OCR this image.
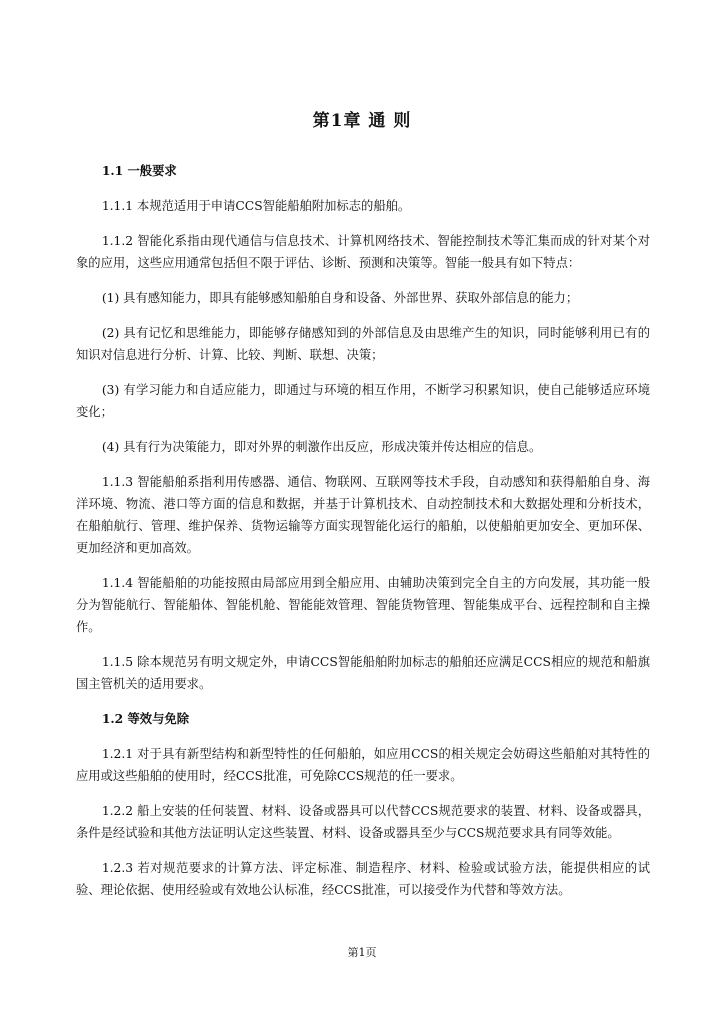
第1章 通 则

1.1 一般要求

1.1.1 本规范适用于申请CCS智能船舶附加标志的船舶。

1.1.2 智能化系指由现代通信与信息技术、计算机网络技术、智能控制技术等汇集而成的针对某个对象的应用，这些应用通常包括但不限于评估、诊断、预测和决策等。智能一般具有如下特点：

(1) 具有感知能力，即具有能够感知船舶自身和设备、外部世界、获取外部信息的能力；

(2) 具有记忆和思维能力，即能够存储感知到的外部信息及由思维产生的知识，同时能够利用已有的知识对信息进行分析、计算、比较、判断、联想、决策；

(3) 有学习能力和自适应能力，即通过与环境的相互作用，不断学习积累知识，使自己能够适应环境变化；

(4) 具有行为决策能力，即对外界的刺激作出反应，形成决策并传达相应的信息。

1.1.3 智能船舶系指利用传感器、通信、物联网、互联网等技术手段，自动感知和获得船舶自身、海洋环境、物流、港口等方面的信息和数据，并基于计算机技术、自动控制技术和大数据处理和分析技术，在船舶航行、管理、维护保养、货物运输等方面实现智能化运行的船舶，以使船舶更加安全、更加环保、更加经济和更加高效。

1.1.4 智能船舶的功能按照由局部应用到全船应用、由辅助决策到完全自主的方向发展，其功能一般分为智能航行、智能船体、智能机舱、智能能效管理、智能货物管理、智能集成平台、远程控制和自主操作。

1.1.5 除本规范另有明文规定外，申请CCS智能船舶附加标志的船舶还应满足CCS相应的规范和船旗国主管机关的适用要求。

1.2 等效与免除

1.2.1 对于具有新型结构和新型特性的任何船舶，如应用CCS的相关规定会妨碍这些船舶对其特性的应用或这些船舶的使用时，经CCS批准，可免除CCS规范的任一要求。

1.2.2 船上安装的任何装置、材料、设备或器具可以代替CCS规范要求的装置、材料、设备或器具，条件是经试验和其他方法证明认定这些装置、材料、设备或器具至少与CCS规范要求具有同等效能。

1.2.3 若对规范要求的计算方法、评定标准、制造程序、材料、检验或试验方法，能提供相应的试验、理论依据、使用经验或有效地公认标准，经CCS批准，可以接受作为代替和等效方法。

第1页
